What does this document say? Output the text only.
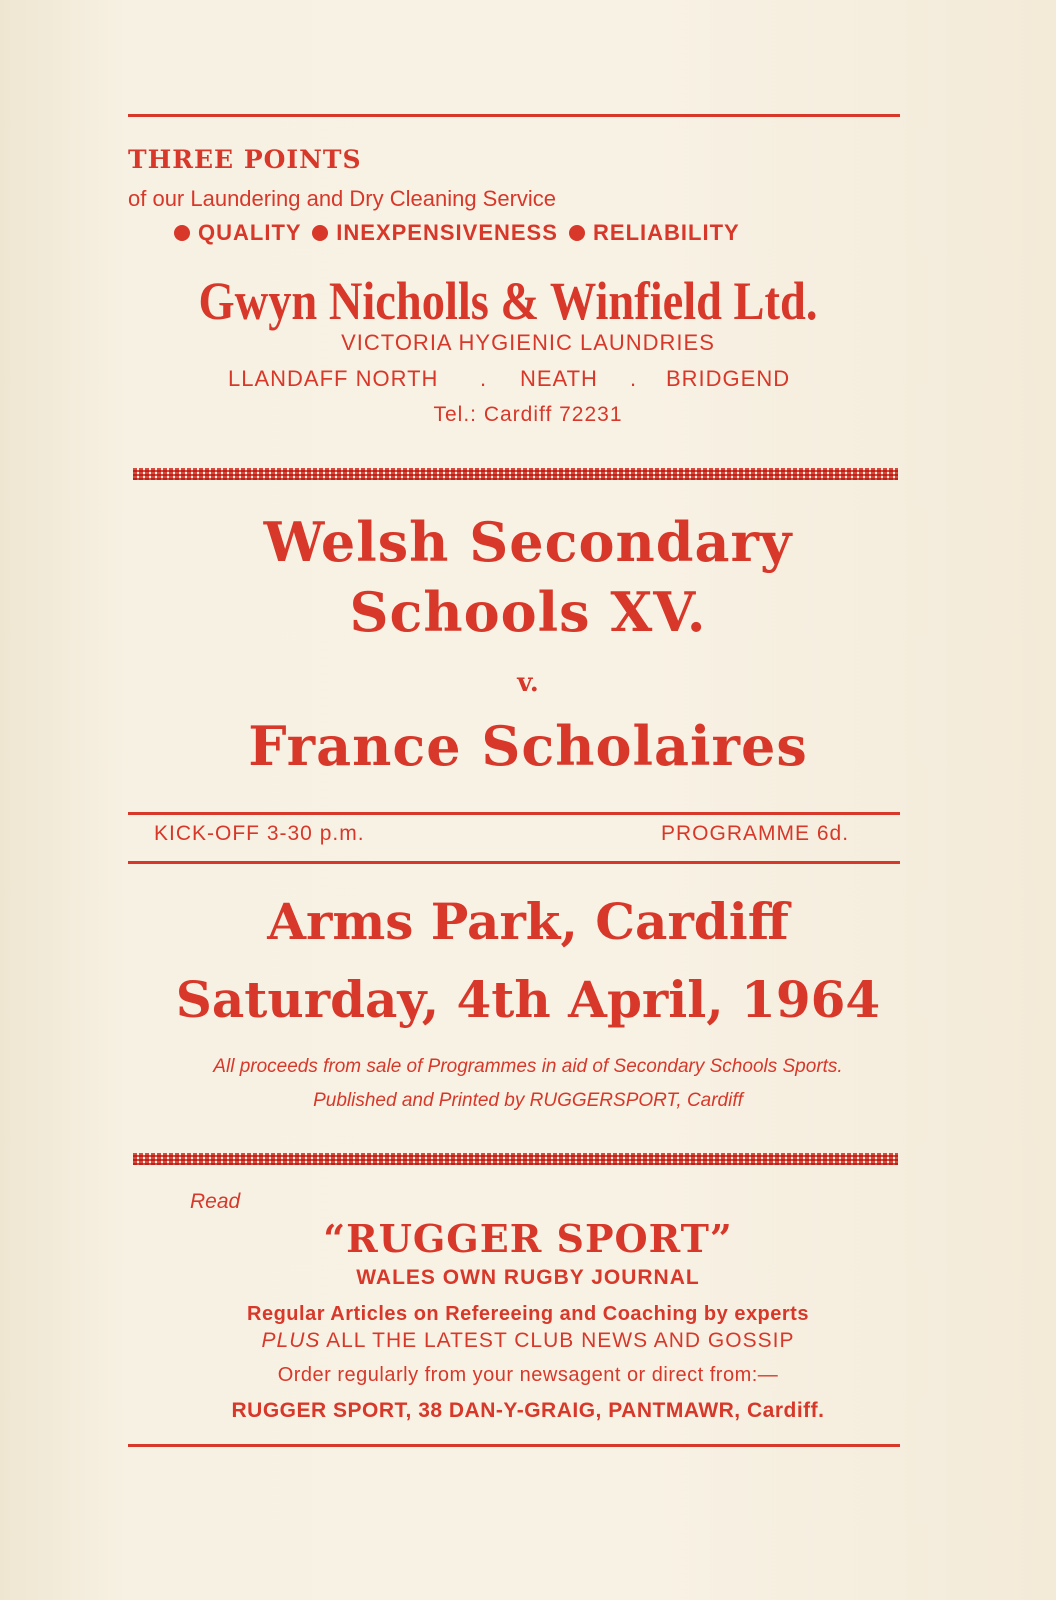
THREE POINTS

of our Laundering and Dry Cleaning Service

QUALITY INEXPENSIVENESS RELIABILITY

Gwyn Nicholls & Winfield Ltd.

VICTORIA HYGIENIC LAUNDRIES

LLANDAFF NORTH . NEATH . BRIDGEND

Tel.: Cardiff 72231

Welsh Secondary

Schools XV.

v.

France Scholaires

KICK-OFF 3-30 p.m.	PROGRAMME 6d.

Arms Park, Cardiff

Saturday, 4th April, 1964

All proceeds from sale of Programmes in aid of Secondary Schools Sports.

Published and Printed by RUGGERSPORT, Cardiff

Read

“RUGGER SPORT”

WALES OWN RUGBY JOURNAL

Regular Articles on Refereeing and Coaching by experts

PLUS ALL THE LATEST CLUB NEWS AND GOSSIP

Order regularly from your newsagent or direct from:—

RUGGER SPORT, 38 DAN-Y-GRAIG, PANTMAWR, Cardiff.
